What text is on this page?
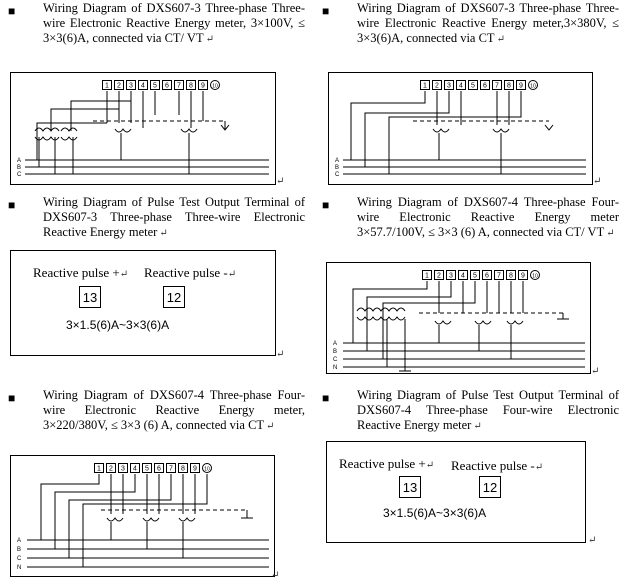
■ Wiring Diagram of DXS607-3 Three-phase Three-wire Electronic Reactive Energy meter, 3×100V, ≤ 3×3(6)A, connected via CT/ VT ↵
■ Wiring Diagram of DXS607-3 Three-phase Three-wire Electronic Reactive Energy meter,3×380V, ≤ 3×3(6)A, connected via CT ↵
1 2 3 4 5 6 7 8 9 10
A
B
C
↵
1 2 3 4 5 6 7 8 9 10
A
B
C
↵
■ Wiring Diagram of Pulse Test Output Terminal of DXS607-3 Three-phase Three-wire Electronic Reactive Energy meter ↵
■ Wiring Diagram of DXS607-4 Three-phase Four-wire Electronic Reactive Energy meter 3×57.7/100V, ≤ 3×3 (6) A, connected via CT/ VT ↵
Reactive pulse +↵ Reactive pulse -↵
13	12
3×1.5(6)A~3×3(6)A
↵
1 2 3 4 5 6 7 8 9 10
A
B
C
N	↵
■ Wiring Diagram of DXS607-4 Three-phase Four-wire Electronic Reactive Energy meter, 3×220/380V, ≤ 3×3 (6) A, connected via CT ↵
■ Wiring Diagram of Pulse Test Output Terminal of DXS607-4 Three-phase Four-wire Electronic Reactive Energy meter ↵
1 2 3 4 5 6 7 8 9 10
A
B
C
N
↵
Reactive pulse +↵ Reactive pulse -↵
13	12
3×1.5(6)A~3×3(6)A
↵
